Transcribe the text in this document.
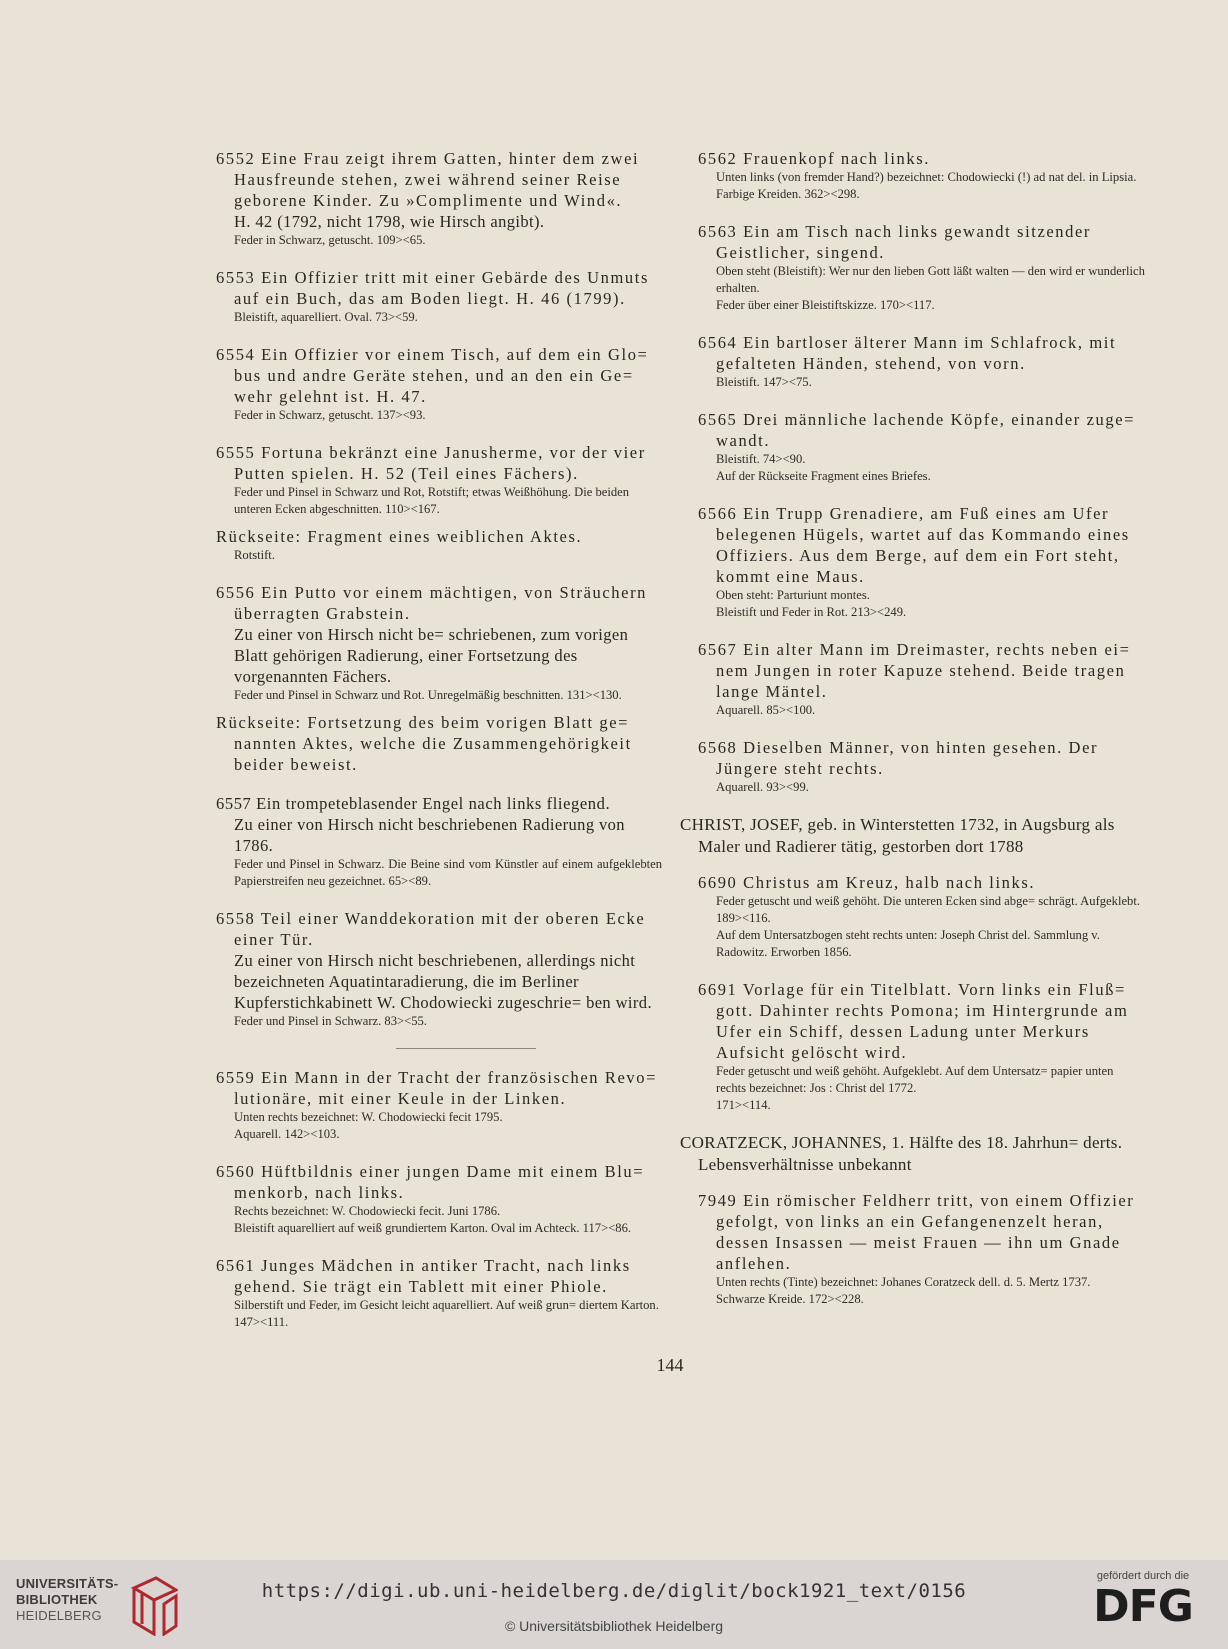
6552 Eine Frau zeigt ihrem Gatten, hinter dem zwei Hausfreunde stehen, zwei während seiner Reise geborene Kinder. Zu »Complimente und Wind«.
H. 42 (1792, nicht 1798, wie Hirsch angibt).
Feder in Schwarz, getuscht. 109><65.
6553 Ein Offizier tritt mit einer Gebärde des Unmuts auf ein Buch, das am Boden liegt. H. 46 (1799).
Bleistift, aquarelliert. Oval. 73><59.
6554 Ein Offizier vor einem Tisch, auf dem ein Glo= bus und andre Geräte stehen, und an den ein Ge= wehr gelehnt ist. H. 47.
Feder in Schwarz, getuscht. 137><93.
6555 Fortuna bekränzt eine Janusherme, vor der vier Putten spielen. H. 52 (Teil eines Fächers).
Feder und Pinsel in Schwarz und Rot, Rotstift; etwas Weißhöhung. Die beiden unteren Ecken abgeschnitten. 110><167.
Rückseite: Fragment eines weiblichen Aktes.
Rotstift.
6556 Ein Putto vor einem mächtigen, von Sträuchern überragten Grabstein.
Zu einer von Hirsch nicht be= schriebenen, zum vorigen Blatt gehörigen Radierung, einer Fortsetzung des vorgenannten Fächers.
Feder und Pinsel in Schwarz und Rot. Unregelmäßig beschnitten. 131><130.
Rückseite: Fortsetzung des beim vorigen Blatt ge= nannten Aktes, welche die Zusammengehörigkeit beider beweist.
6557 Ein trompeteblasender Engel nach links fliegend.
Zu einer von Hirsch nicht beschriebenen Radierung von 1786.
Feder und Pinsel in Schwarz. Die Beine sind vom Künstler auf einem aufgeklebten Papierstreifen neu gezeichnet. 65><89.
6558 Teil einer Wanddekoration mit der oberen Ecke einer Tür.
Zu einer von Hirsch nicht beschriebenen, allerdings nicht bezeichneten Aquatintaradierung, die im Berliner Kupferstichkabinett W. Chodowiecki zugeschrie= ben wird.
Feder und Pinsel in Schwarz. 83><55.
6559 Ein Mann in der Tracht der französischen Revo= lutionäre, mit einer Keule in der Linken.
Unten rechts bezeichnet: W. Chodowiecki fecit 1795.
Aquarell. 142><103.
6560 Hüftbildnis einer jungen Dame mit einem Blu= menkorb, nach links.
Rechts bezeichnet: W. Chodowiecki fecit. Juni 1786.
Bleistift aquarelliert auf weiß grundiertem Karton. Oval im Achteck. 117><86.
6561 Junges Mädchen in antiker Tracht, nach links gehend. Sie trägt ein Tablett mit einer Phiole.
Silberstift und Feder, im Gesicht leicht aquarelliert. Auf weiß grun= diertem Karton. 147><111.
6562 Frauenkopf nach links.
Unten links (von fremder Hand?) bezeichnet: Chodowiecki (!) ad nat del. in Lipsia.
Farbige Kreiden. 362><298.
6563 Ein am Tisch nach links gewandt sitzender Geistlicher, singend.
Oben steht (Bleistift): Wer nur den lieben Gott läßt walten — den wird er wunderlich erhalten.
Feder über einer Bleistiftskizze. 170><117.
6564 Ein bartloser älterer Mann im Schlafrock, mit gefalteten Händen, stehend, von vorn.
Bleistift. 147><75.
6565 Drei männliche lachende Köpfe, einander zuge= wandt.
Bleistift. 74><90.
Auf der Rückseite Fragment eines Briefes.
6566 Ein Trupp Grenadiere, am Fuß eines am Ufer belegenen Hügels, wartet auf das Kommando eines Offiziers. Aus dem Berge, auf dem ein Fort steht, kommt eine Maus.
Oben steht: Parturiunt montes.
Bleistift und Feder in Rot. 213><249.
6567 Ein alter Mann im Dreimaster, rechts neben ei= nem Jungen in roter Kapuze stehend. Beide tragen lange Mäntel.
Aquarell. 85><100.
6568 Dieselben Männer, von hinten gesehen. Der Jüngere steht rechts.
Aquarell. 93><99.
CHRIST, JOSEF, geb. in Winterstetten 1732, in Augsburg als Maler und Radierer tätig, gestorben dort 1788
6690 Christus am Kreuz, halb nach links.
Feder getuscht und weiß gehöht. Die unteren Ecken sind abge= schrägt. Aufgeklebt. 189><116.
Auf dem Untersatzbogen steht rechts unten: Joseph Christ del. Sammlung v. Radowitz. Erworben 1856.
6691 Vorlage für ein Titelblatt. Vorn links ein Fluß= gott. Dahinter rechts Pomona; im Hintergrunde am Ufer ein Schiff, dessen Ladung unter Merkurs Aufsicht gelöscht wird.
Feder getuscht und weiß gehöht. Aufgeklebt. Auf dem Untersatz= papier unten rechts bezeichnet: Jos : Christ del 1772.
171><114.
CORATZECK, JOHANNES, 1. Hälfte des 18. Jahrhun= derts. Lebensverhältnisse unbekannt
7949 Ein römischer Feldherr tritt, von einem Offizier gefolgt, von links an ein Gefangenenzelt heran, dessen Insassen — meist Frauen — ihn um Gnade anflehen.
Unten rechts (Tinte) bezeichnet: Johanes Coratzeck dell. d. 5. Mertz 1737.
Schwarze Kreide. 172><228.
144
UNIVERSITÄTS-
BIBLIOTHEK
HEIDELBERG
https://digi.ub.uni-heidelberg.de/diglit/bock1921_text/0156
© Universitätsbibliothek Heidelberg
gefördert durch die
DFG
